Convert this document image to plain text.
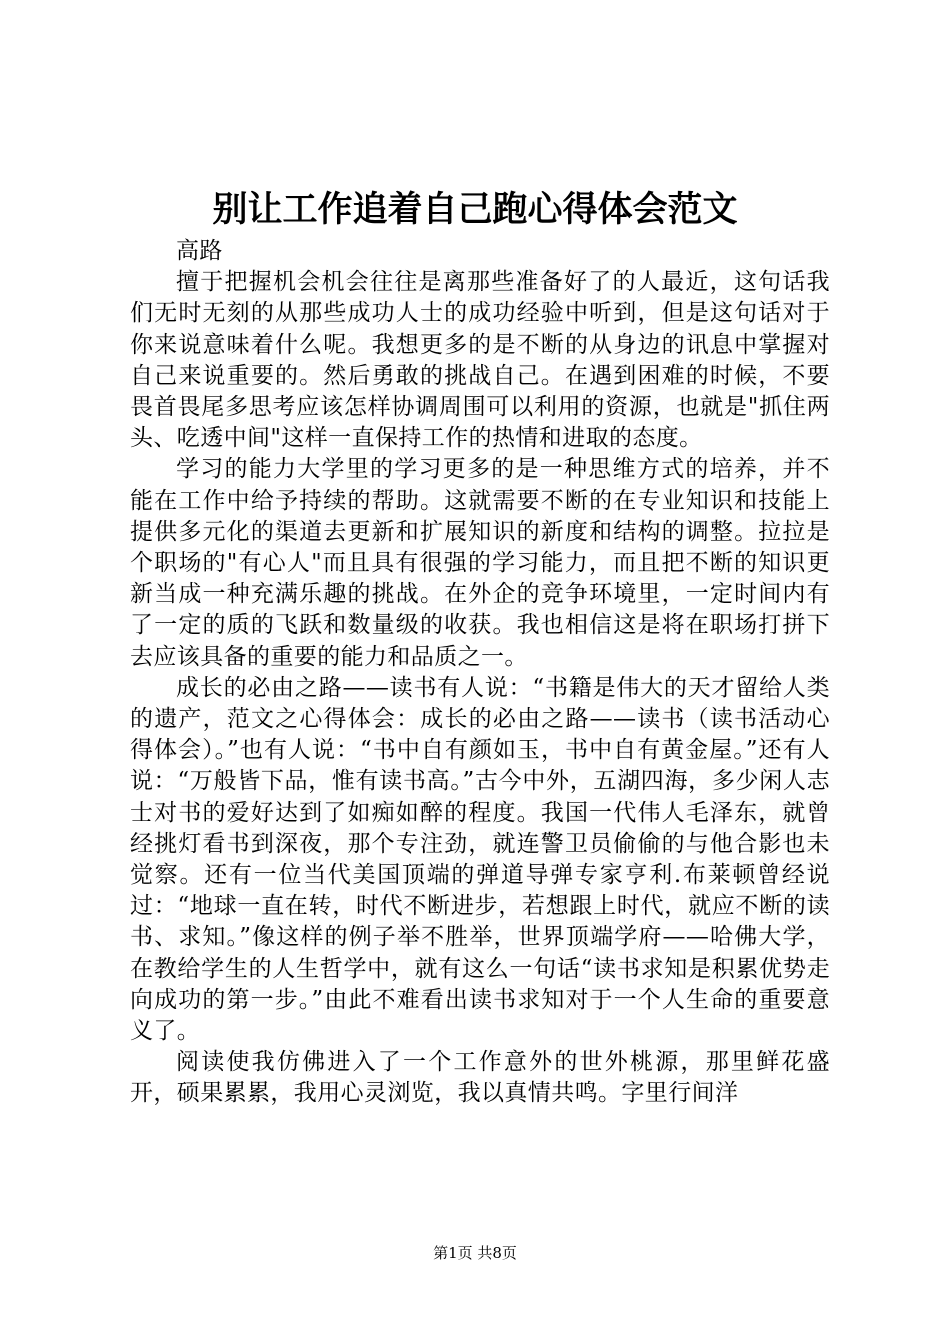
别让工作追着自己跑心得体会范文

高路

擅于把握机会机会往往是离那些准备好了的人最近，这句话我们无时无刻的从那些成功人士的成功经验中听到，但是这句话对于你来说意味着什么呢。我想更多的是不断的从身边的讯息中掌握对自己来说重要的。然后勇敢的挑战自己。在遇到困难的时候，不要畏首畏尾多思考应该怎样协调周围可以利用的资源，也就是"抓住两头、吃透中间"这样一直保持工作的热情和进取的态度。

学习的能力大学里的学习更多的是一种思维方式的培养，并不能在工作中给予持续的帮助。这就需要不断的在专业知识和技能上提供多元化的渠道去更新和扩展知识的新度和结构的调整。拉拉是个职场的"有心人"而且具有很强的学习能力，而且把不断的知识更新当成一种充满乐趣的挑战。在外企的竞争环境里，一定时间内有了一定的质的飞跃和数量级的收获。我也相信这是将在职场打拼下去应该具备的重要的能力和品质之一。

成长的必由之路——读书有人说：“书籍是伟大的天才留给人类的遗产，范文之心得体会：成长的必由之路——读书（读书活动心得体会）。”也有人说：“书中自有颜如玉，书中自有黄金屋。”还有人说：“万般皆下品，惟有读书高。”古今中外，五湖四海，多少闲人志士对书的爱好达到了如痴如醉的程度。我国一代伟人毛泽东，就曾经挑灯看书到深夜，那个专注劲，就连警卫员偷偷的与他合影也未觉察。还有一位当代美国顶端的弹道导弹专家亨利.布莱顿曾经说过：“地球一直在转，时代不断进步，若想跟上时代，就应不断的读书、求知。”像这样的例子举不胜举，世界顶端学府——哈佛大学，在教给学生的人生哲学中，就有这么一句话“读书求知是积累优势走向成功的第一步。”由此不难看出读书求知对于一个人生命的重要意义了。

阅读使我仿佛进入了一个工作意外的世外桃源，那里鲜花盛开，硕果累累，我用心灵浏览，我以真情共鸣。字里行间洋

第1页 共8页
